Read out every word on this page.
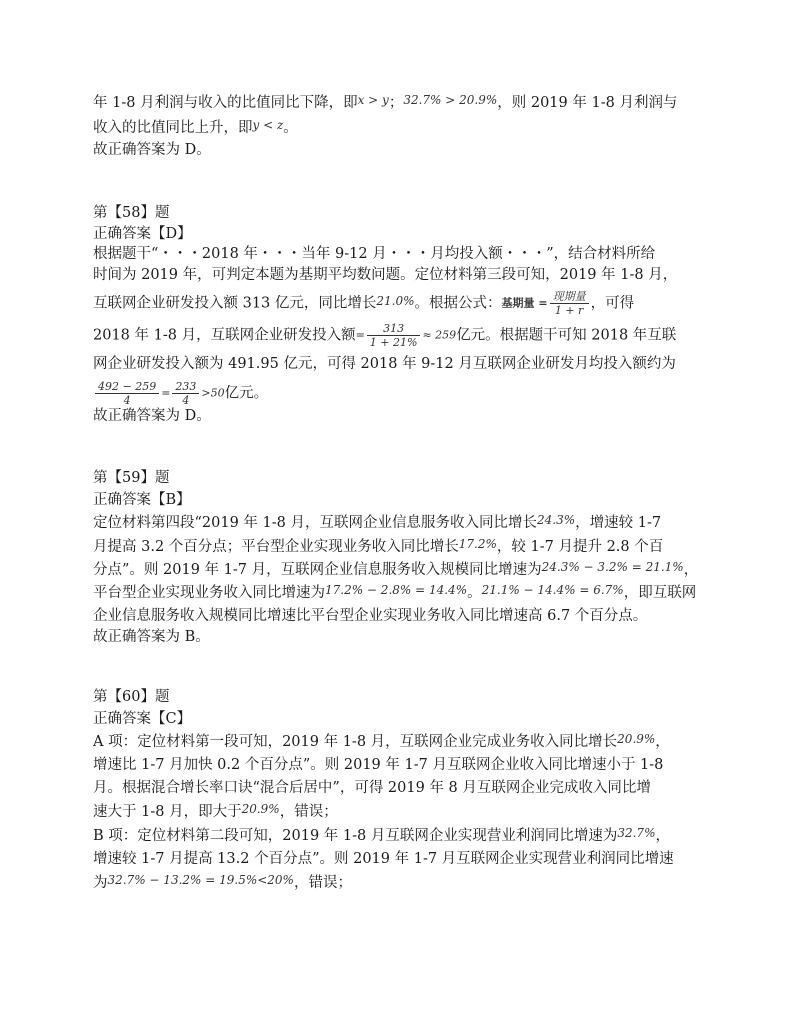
年 1-8 月利润与收入的比值同比下降，即$^{x > y}$；$^{32.7\% > 20.9\%}$，则 2019 年 1-8 月利润与
收入的比值同比上升，即$^{y < z}$。
故正确答案为 D。
第【58】题
正确答案【D】
根据题干“・・・2018 年・・・当年 9-12 月・・・月均投入额・・・”，结合材料所给
时间为 2019 年，可判定本题为基期平均数问题。定位材料第三段可知，2019 年 1-8 月，
互联网企业研发投入额 313 亿元，同比增长$^{21.0\%}$。根据公式：基期量 = $\frac{\text{现期量}}{1 + r}$ ，可得
2018 年 1-8 月，互联网企业研发投入额= $\frac{313}{1 + 21\%} \approx 259$亿元。根据题干可知 2018 年互联
网企业研发投入额为 491.95 亿元，可得 2018 年 9-12 月互联网企业研发月均投入额约为
$\frac{492 - 259}{4} = \frac{233}{4} >50$亿元。
故正确答案为 D。
第【59】题
正确答案【B】
定位材料第四段“2019 年 1-8 月，互联网企业信息服务收入同比增长$^{24.3\%}$，增速较 1-7
月提高 3.2 个百分点；平台型企业实现业务收入同比增长$^{17.2\%}$，较 1-7 月提升 2.8 个百
分点”。则 2019 年 1-7 月，互联网企业信息服务收入规模同比增速为$^{24.3\% - 3.2\% = 21.1\%}$，
平台型企业实现业务收入同比增速为$^{17.2\% - 2.8\% = 14.4\%}$。$^{21.1\% - 14.4\% = 6.7\%}$，即互联网
企业信息服务收入规模同比增速比平台型企业实现业务收入同比增速高 6.7 个百分点。
故正确答案为 B。
第【60】题
正确答案【C】
A 项：定位材料第一段可知，2019 年 1-8 月，互联网企业完成业务收入同比增长$^{20.9\%}$，
增速比 1-7 月加快 0.2 个百分点”。则 2019 年 1-7 月互联网企业收入同比增速小于 1-8
月。根据混合增长率口诀“混合后居中”，可得 2019 年 8 月互联网企业完成收入同比增
速大于 1-8 月，即大于$^{20.9\%}$，错误；
B 项：定位材料第二段可知，2019 年 1-8 月互联网企业实现营业利润同比增速为$^{32.7\%}$，
增速较 1-7 月提高 13.2 个百分点”。则 2019 年 1-7 月互联网企业实现营业利润同比增速
为$^{32.7\% - 13.2\% = 19.5\%<20\%}$，错误；
